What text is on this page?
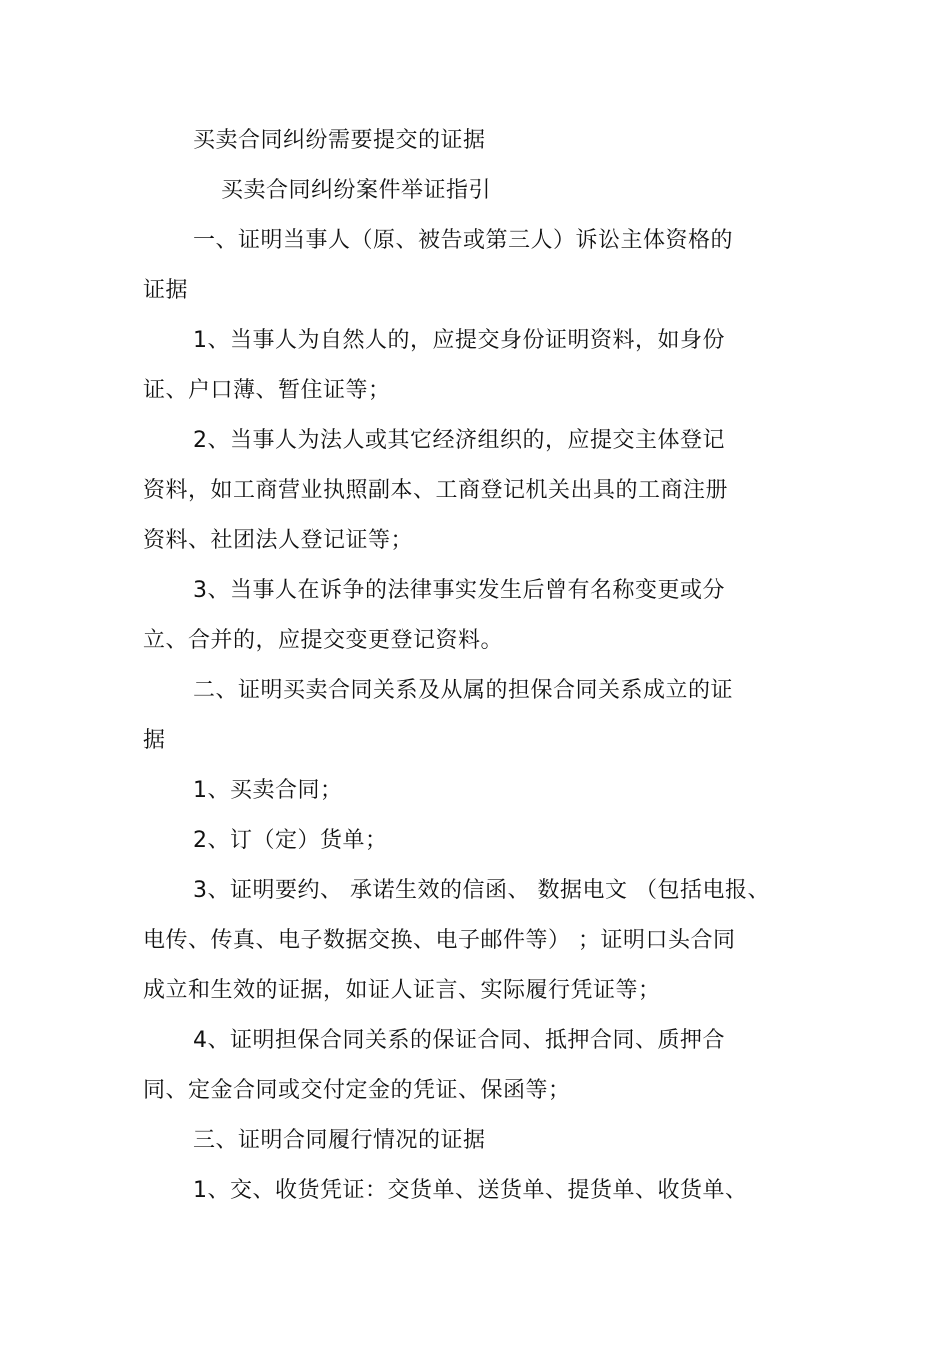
买卖合同纠纷需要提交的证据
买卖合同纠纷案件举证指引
一、证明当事人（原、被告或第三人）诉讼主体资格的
证据
1、当事人为自然人的，应提交身份证明资料，如身份
证、户口薄、暂住证等；
2、当事人为法人或其它经济组织的，应提交主体登记
资料，如工商营业执照副本、工商登记机关出具的工商注册
资料、社团法人登记证等；
3、当事人在诉争的法律事实发生后曾有名称变更或分
立、合并的，应提交变更登记资料。
二、证明买卖合同关系及从属的担保合同关系成立的证
据
1、买卖合同；
2、订（定）货单；
3、证明要约、 承诺生效的信函、 数据电文 （包括电报、
电传、传真、电子数据交换、电子邮件等） ；证明口头合同
成立和生效的证据，如证人证言、实际履行凭证等；
4、证明担保合同关系的保证合同、抵押合同、质押合
同、定金合同或交付定金的凭证、保函等；
三、证明合同履行情况的证据
1、交、收货凭证：交货单、送货单、提货单、收货单、
